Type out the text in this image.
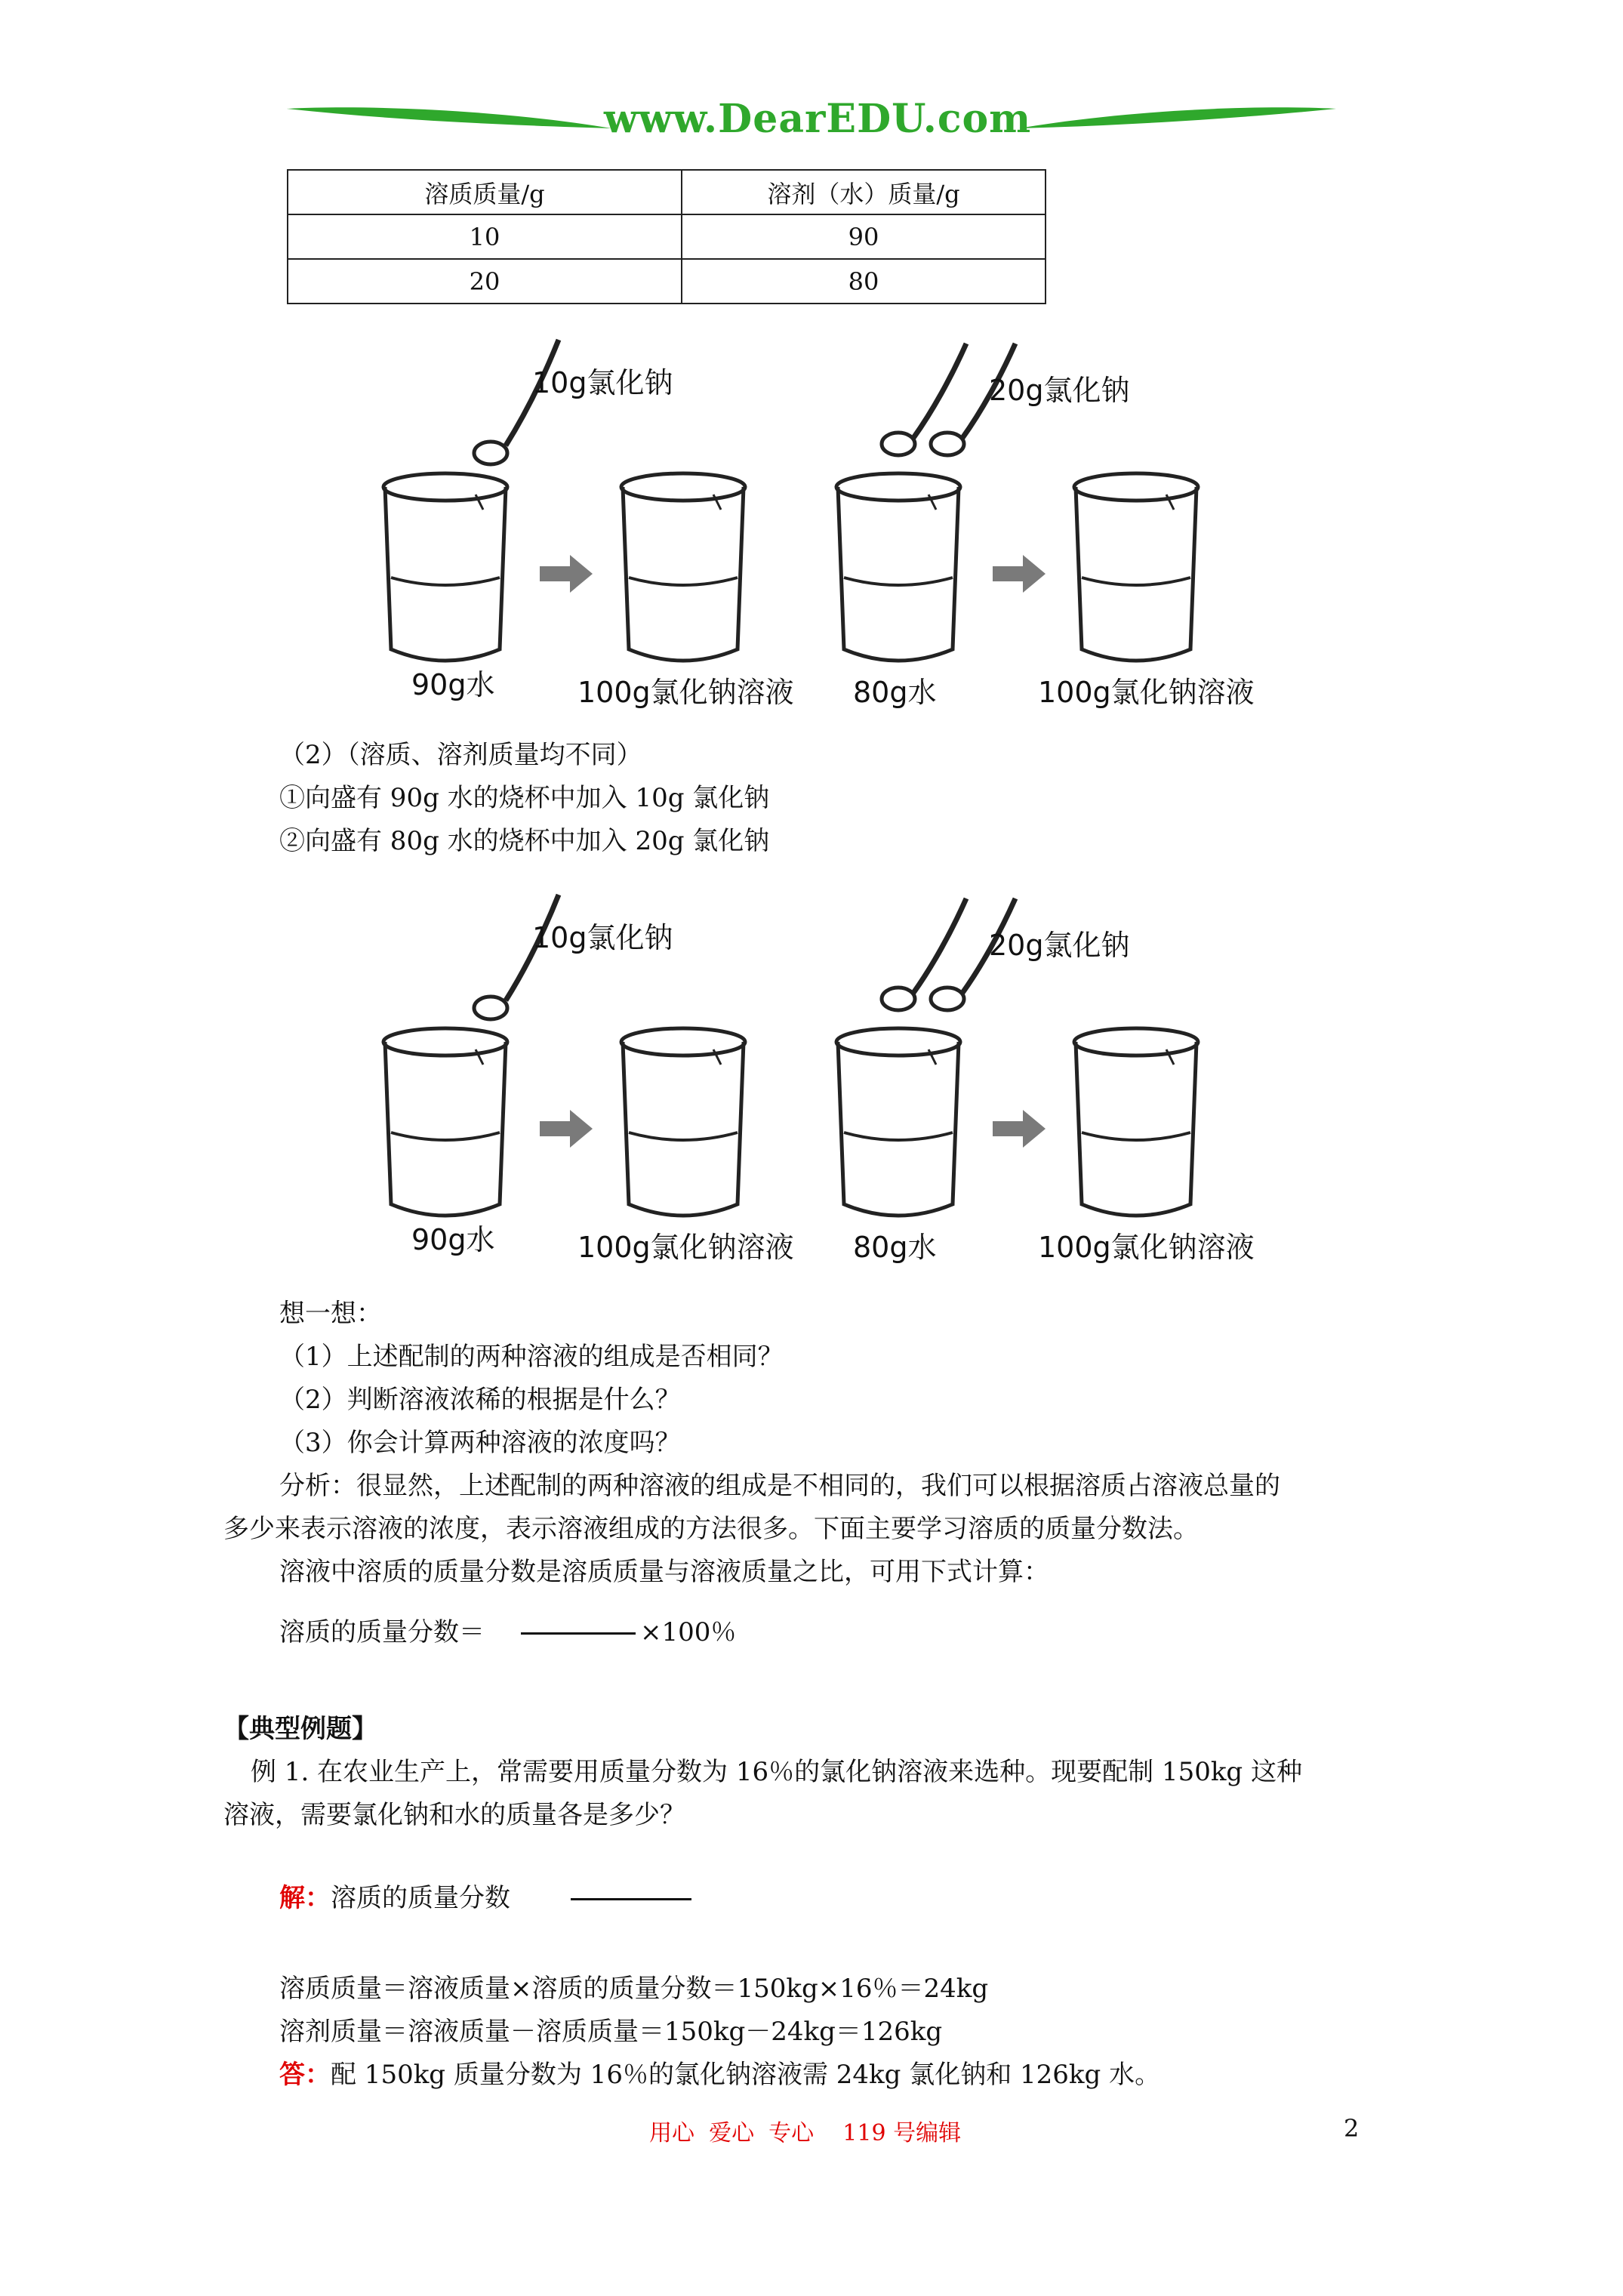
www.DearEDU.com
溶质质量/g	溶剂（水）质量/g
10	90
20	80
10g氯化钠	20g氯化钠
90g水	100g氯化钠溶液 80g水	100g氯化钠溶液
（2）（溶质、溶剂质量均不同）
①向盛有 90g 水的烧杯中加入 10g 氯化钠
②向盛有 80g 水的烧杯中加入 20g 氯化钠
10g氯化钠	20g氯化钠
90g水	100g氯化钠溶液 80g水	100g氯化钠溶液
想一想：
（1）上述配制的两种溶液的组成是否相同？
（2）判断溶液浓稀的根据是什么？
（3）你会计算两种溶液的浓度吗？
分析：很显然，上述配制的两种溶液的组成是不相同的，我们可以根据溶质占溶液总量的
多少来表示溶液的浓度，表示溶液组成的方法很多。下面主要学习溶质的质量分数法。
溶液中溶质的质量分数是溶质质量与溶液质量之比，可用下式计算：
溶质的质量分数＝	×100％
【典型例题】
例 1. 在农业生产上，常需要用质量分数为 16％的氯化钠溶液来选种。现要配制 150kg 这种
溶液，需要氯化钠和水的质量各是多少？
解：溶质的质量分数
溶质质量＝溶液质量×溶质的质量分数＝150kg×16％＝24kg
溶剂质量＝溶液质量－溶质质量＝150kg－24kg＝126kg
答：配 150kg 质量分数为 16％的氯化钠溶液需 24kg 氯化钠和 126kg 水。
用心  爱心  专心    119 号编辑	2
